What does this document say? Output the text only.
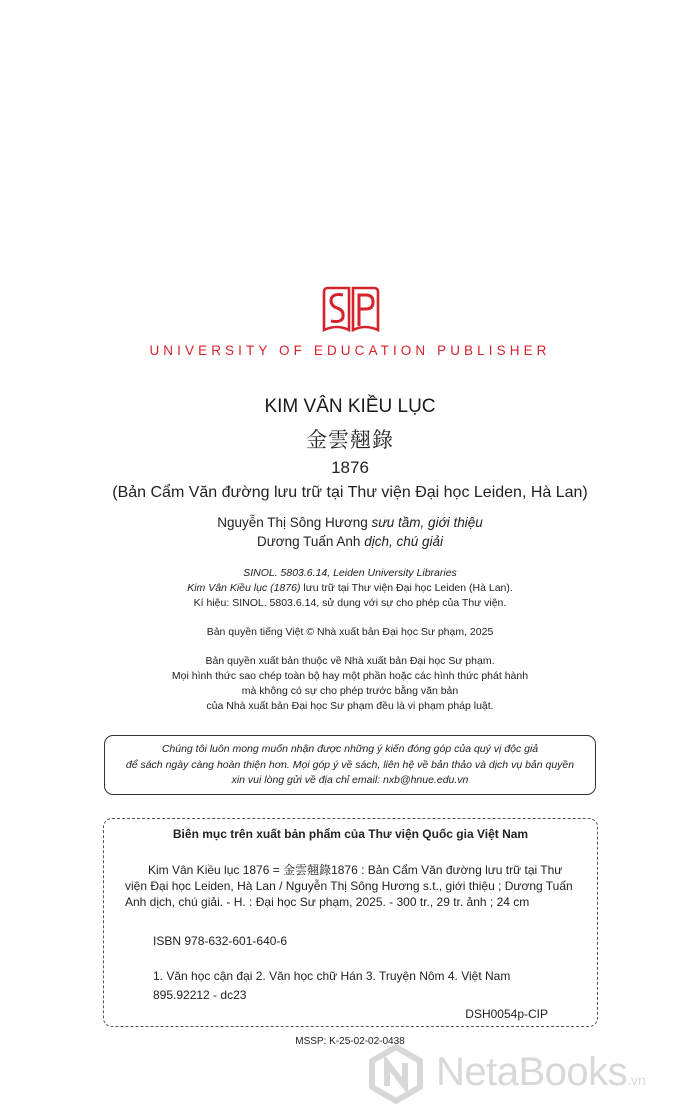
UNIVERSITY OF EDUCATION PUBLISHER
KIM VÂN KIỀU LỤC
金雲翹錄
1876
(Bản Cẩm Văn đường lưu trữ tại Thư viện Đại học Leiden, Hà Lan)
Nguyễn Thị Sông Hương sưu tầm, giới thiệu
Dương Tuấn Anh dịch, chú giải
SINOL. 5803.6.14, Leiden University Libraries
Kim Vân Kiều lục (1876) lưu trữ tại Thư viện Đại học Leiden (Hà Lan).
Kí hiệu: SINOL. 5803.6.14, sử dụng với sự cho phép của Thư viện.
Bản quyền tiếng Việt © Nhà xuất bản Đại học Sư phạm, 2025
Bản quyền xuất bản thuộc về Nhà xuất bản Đại học Sư phạm.
Mọi hình thức sao chép toàn bộ hay một phần hoặc các hình thức phát hành
mà không có sự cho phép trước bằng văn bản
của Nhà xuất bản Đại học Sư phạm đều là vi phạm pháp luật.
Chúng tôi luôn mong muốn nhận được những ý kiến đóng góp của quý vị độc giả
để sách ngày càng hoàn thiện hơn. Mọi góp ý về sách, liên hệ về bản thảo và dịch vụ bản quyền
xin vui lòng gửi về địa chỉ email: nxb@hnue.edu.vn
Biên mục trên xuất bản phẩm của Thư viện Quốc gia Việt Nam
Kim Vân Kiều lục 1876 = 金雲翹錄1876 : Bản Cẩm Văn đường lưu trữ tại Thư viện Đại học Leiden, Hà Lan / Nguyễn Thị Sông Hương s.t., giới thiệu ; Dương Tuấn Anh dịch, chú giải. - H. : Đại học Sư phạm, 2025. - 300 tr., 29 tr. ảnh ; 24 cm
ISBN 978-632-601-640-6
1. Văn học cận đại 2. Văn học chữ Hán 3. Truyện Nôm 4. Việt Nam
895.92212 - dc23
DSH0054p-CIP
MSSP: K-25-02-02-0438
NetaBooks.vn
